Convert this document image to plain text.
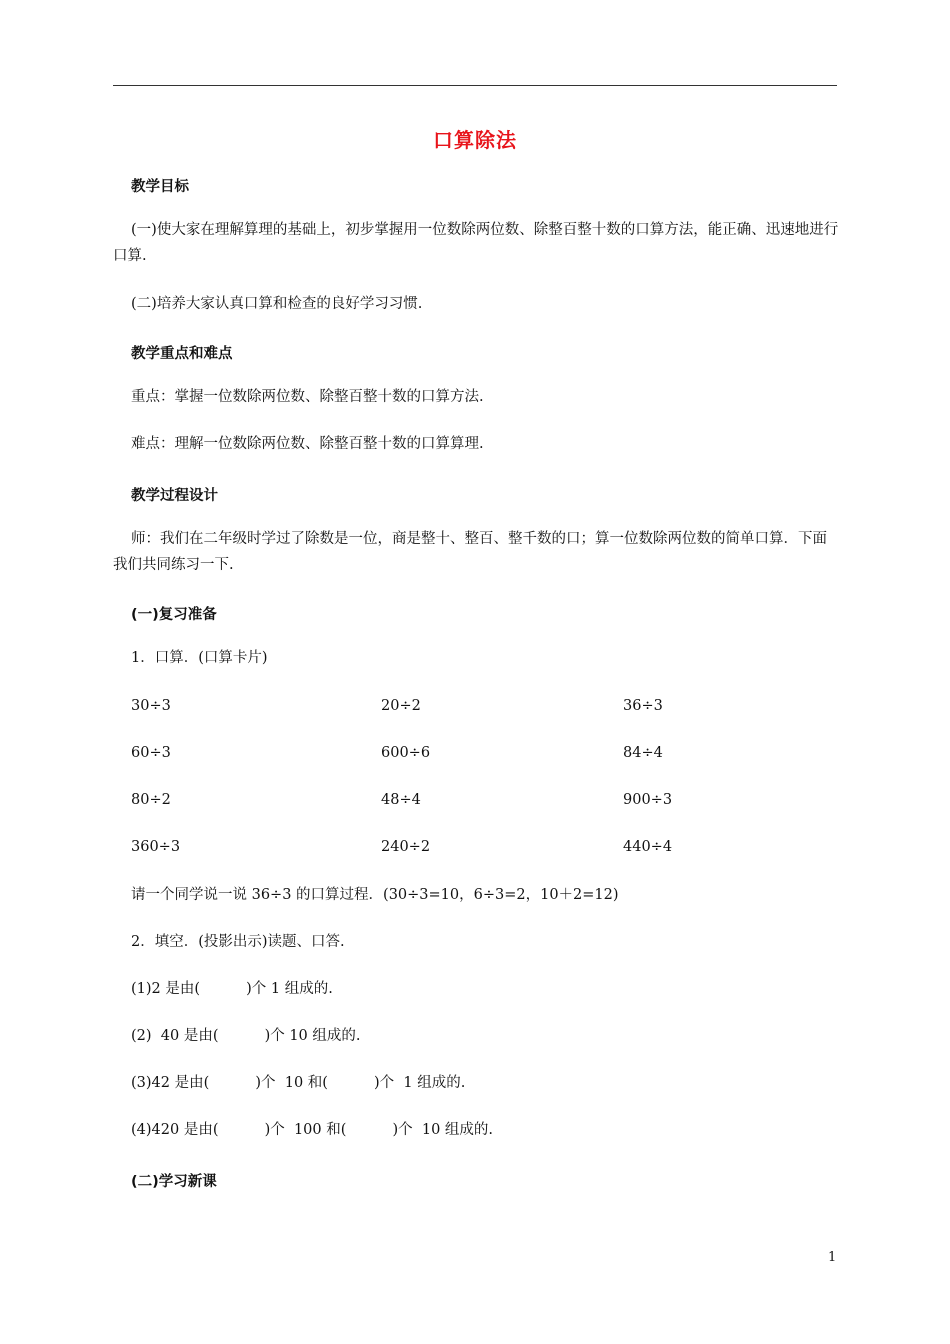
口算除法
教学目标
(一)使大家在理解算理的基础上，初步掌握用一位数除两位数、除整百整十数的口算方法，能正确、迅速地进行口算.
(二)培养大家认真口算和检查的良好学习习惯.
教学重点和难点
重点：掌握一位数除两位数、除整百整十数的口算方法.
难点：理解一位数除两位数、除整百整十数的口算算理.
教学过程设计
师：我们在二年级时学过了除数是一位，商是整十、整百、整千数的口；算一位数除两位数的简单口算．下面我们共同练习一下.
(一)复习准备
1．口算．(口算卡片)
30÷3	20÷2	36÷3
60÷3	600÷6	84÷4
80÷2	48÷4	900÷3
360÷3	240÷2	440÷4
请一个同学说一说 36÷3 的口算过程．(30÷3=10，6÷3=2，10＋2=12)
2．填空．(投影出示)读题、口答.
(1)2 是由(          )个 1 组成的.
(2)  40 是由(          )个 10 组成的.
(3)42 是由(          )个  10 和(          )个  1 组成的.
(4)420 是由(          )个  100 和(          )个  10 组成的.
(二)学习新课
1
